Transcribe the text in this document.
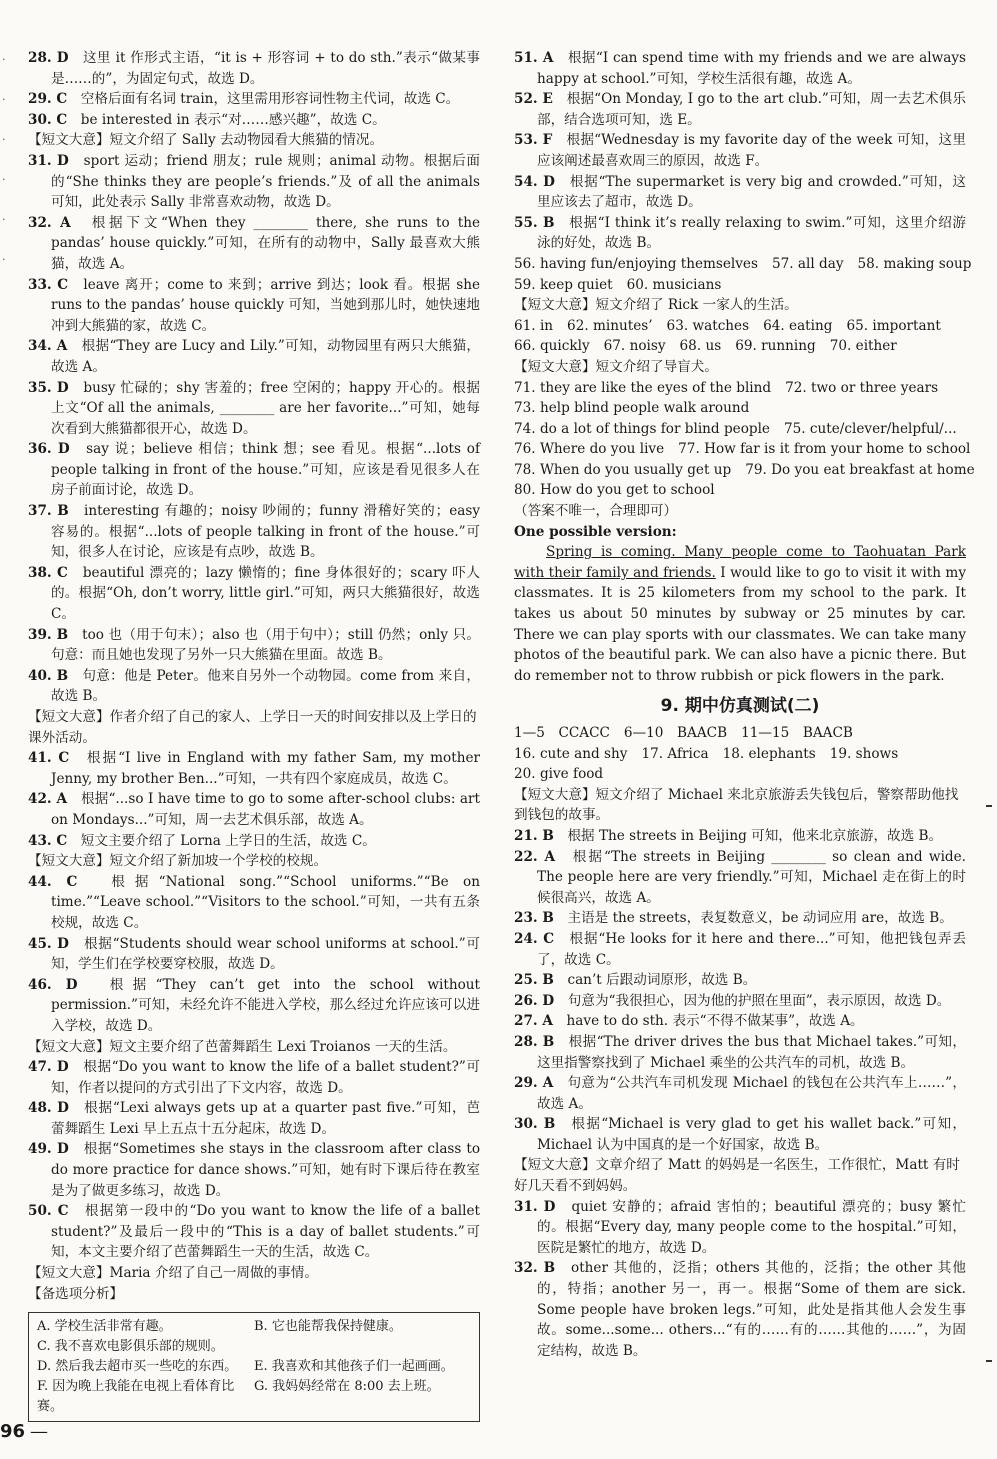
·
·
·
·
·
·

28. D　这里 it 作形式主语，“it is + 形容词 + to do sth.”表示“做某事是……的”，为固定句式，故选 D。

29. C　空格后面有名词 train，这里需用形容词性物主代词，故选 C。

30. C　be interested in 表示“对……感兴趣”，故选 C。

【短文大意】短文介绍了 Sally 去动物园看大熊猫的情况。

31. D　sport 运动；friend 朋友；rule 规则；animal 动物。根据后面的“She thinks they are people’s friends.”及 of all the animals 可知，此处表示 Sally 非常喜欢动物，故选 D。

32. A　根据下文“When they ________ there, she runs to the pandas’ house quickly.”可知，在所有的动物中，Sally 最喜欢大熊猫，故选 A。

33. C　leave 离开；come to 来到；arrive 到达；look 看。根据 she runs to the pandas’ house quickly 可知，当她到那儿时，她快速地冲到大熊猫的家，故选 C。

34. A　根据“They are Lucy and Lily.”可知，动物园里有两只大熊猫，故选 A。

35. D　busy 忙碌的；shy 害羞的；free 空闲的；happy 开心的。根据上文“Of all the animals, ________ are her favorite...”可知，她每次看到大熊猫都很开心，故选 D。

36. D　say 说；believe 相信；think 想；see 看见。根据“...lots of people talking in front of the house.”可知，应该是看见很多人在房子前面讨论，故选 D。

37. B　interesting 有趣的；noisy 吵闹的；funny 滑稽好笑的；easy 容易的。根据“...lots of people talking in front of the house.”可知，很多人在讨论，应该是有点吵，故选 B。

38. C　beautiful 漂亮的；lazy 懒惰的；fine 身体很好的；scary 吓人的。根据“Oh, don’t worry, little girl.”可知，两只大熊猫很好，故选 C。

39. B　too 也（用于句末）；also 也（用于句中）；still 仍然；only 只。句意：而且她也发现了另外一只大熊猫在里面。故选 B。

40. B　句意：他是 Peter。他来自另外一个动物园。come from 来自，故选 B。

【短文大意】作者介绍了自己的家人、上学日一天的时间安排以及上学日的课外活动。

41. C　根据“I live in England with my father Sam, my mother Jenny, my brother Ben...”可知，一共有四个家庭成员，故选 C。

42. A　根据“...so I have time to go to some after-school clubs: art on Mondays...”可知，周一去艺术俱乐部，故选 A。

43. C　短文主要介绍了 Lorna 上学日的生活，故选 C。

【短文大意】短文介绍了新加坡一个学校的校规。

44. C　根据“National song.”“School uniforms.”“Be on time.”“Leave school.”“Visitors to the school.”可知，一共有五条校规，故选 C。

45. D　根据“Students should wear school uniforms at school.”可知，学生们在学校要穿校服，故选 D。

46. D　根据“They can’t get into the school without permission.”可知，未经允许不能进入学校，那么经过允许应该可以进入学校，故选 D。

【短文大意】短文主要介绍了芭蕾舞蹈生 Lexi Troianos 一天的生活。

47. D　根据“Do you want to know the life of a ballet student?”可知，作者以提问的方式引出了下文内容，故选 D。

48. D　根据“Lexi always gets up at a quarter past five.”可知，芭蕾舞蹈生 Lexi 早上五点十五分起床，故选 D。

49. D　根据“Sometimes she stays in the classroom after class to do more practice for dance shows.”可知，她有时下课后待在教室是为了做更多练习，故选 D。

50. C　根据第一段中的“Do you want to know the life of a ballet student?”及最后一段中的“This is a day of ballet students.”可知，本文主要介绍了芭蕾舞蹈生一天的生活，故选 C。

【短文大意】Maria 介绍了自己一周做的事情。

【备选项分析】

A. 学校生活非常有趣。	B. 它也能帮我保持健康。
C. 我不喜欢电影俱乐部的规则。
D. 然后我去超市买一些吃的东西。	E. 我喜欢和其他孩子们一起画画。
F. 因为晚上我能在电视上看体育比赛。
G. 我妈妈经常在 8:00 去上班。

51. A　根据“I can spend time with my friends and we are always happy at school.”可知，学校生活很有趣，故选 A。

52. E　根据“On Monday, I go to the art club.”可知，周一去艺术俱乐部，结合选项可知，选 E。

53. F　根据“Wednesday is my favorite day of the week 可知，这里应该阐述最喜欢周三的原因，故选 F。

54. D　根据“The supermarket is very big and crowded.”可知，这里应该去了超市，故选 D。

55. B　根据“I think it’s really relaxing to swim.”可知，这里介绍游泳的好处，故选 B。

56. having fun/enjoying themselves 57. all day 58. making soup

59. keep quiet 60. musicians

【短文大意】短文介绍了 Rick 一家人的生活。

61. in 62. minutes’ 63. watches 64. eating 65. important

66. quickly 67. noisy 68. us 69. running 70. either

【短文大意】短文介绍了导盲犬。

71. they are like the eyes of the blind 72. two or three years

73. help blind people walk around

74. do a lot of things for blind people 75. cute/clever/helpful/...

76. Where do you live 77. How far is it from your home to school

78. When do you usually get up 79. Do you eat breakfast at home

80. How do you get to school

（答案不唯一，合理即可）

One possible version:

Spring is coming. Many people come to Taohuatan Park with their family and friends. I would like to go to visit it with my classmates. It is 25 kilometers from my school to the park. It takes us about 50 minutes by subway or 25 minutes by car. There we can play sports with our classmates. We can take many photos of the beautiful park. We can also have a picnic there. But do remember not to throw rubbish or pick flowers in the park.

9. 期中仿真测试(二)

1—5　CCACC 6—10　BAACB 11—15　BAACB

16. cute and shy 17. Africa 18. elephants 19. shows

20. give food

【短文大意】短文介绍了 Michael 来北京旅游丢失钱包后，警察帮助他找到钱包的故事。

21. B　根据 The streets in Beijing 可知，他来北京旅游，故选 B。

22. A　根据“The streets in Beijing ________ so clean and wide. The people here are very friendly.”可知，Michael 走在街上的时候很高兴，故选 A。

23. B　主语是 the streets，表复数意义，be 动词应用 are，故选 B。

24. C　根据“He looks for it here and there...”可知，他把钱包弄丢了，故选 C。

25. B　can’t 后跟动词原形，故选 B。

26. D　句意为“我很担心，因为他的护照在里面”，表示原因，故选 D。

27. A　have to do sth. 表示“不得不做某事”，故选 A。

28. B　根据“The driver drives the bus that Michael takes.”可知，这里指警察找到了 Michael 乘坐的公共汽车的司机，故选 B。

29. A　句意为“公共汽车司机发现 Michael 的钱包在公共汽车上……”，故选 A。

30. B　根据“Michael is very glad to get his wallet back.”可知，Michael 认为中国真的是一个好国家，故选 B。

【短文大意】文章介绍了 Matt 的妈妈是一名医生，工作很忙，Matt 有时好几天看不到妈妈。

31. D　quiet 安静的；afraid 害怕的；beautiful 漂亮的；busy 繁忙的。根据“Every day, many people come to the hospital.”可知，医院是繁忙的地方，故选 D。

32. B　other 其他的，泛指；others 其他的，泛指；the other 其他的，特指；another 另一，再一。根据“Some of them are sick. Some people have broken legs.”可知，此处是指其他人会发生事故。some...some... others...“有的……有的……其他的……”，为固定结构，故选 B。

96 —
